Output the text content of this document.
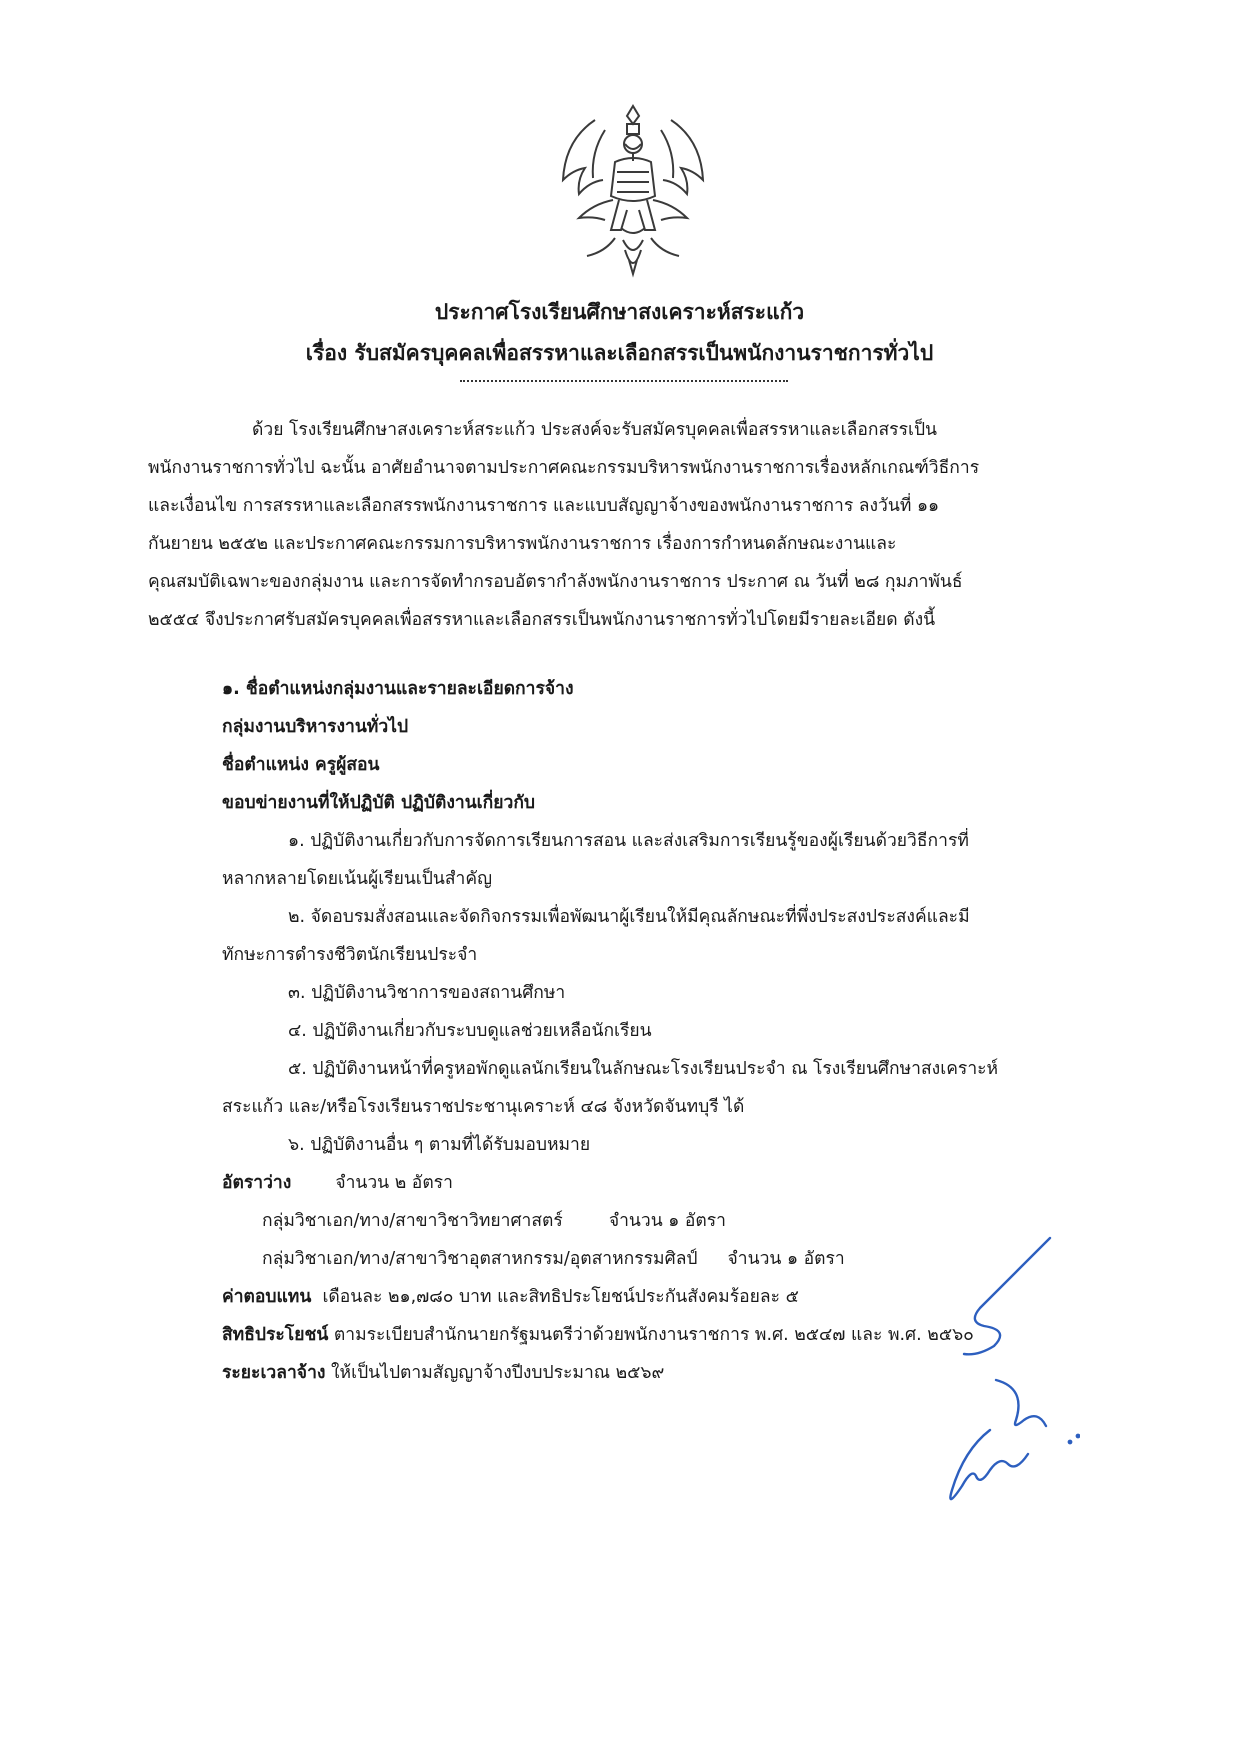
ประกาศโรงเรียนศึกษาสงเคราะห์สระแก้ว
เรื่อง รับสมัครบุคคลเพื่อสรรหาและเลือกสรรเป็นพนักงานราชการทั่วไป
ด้วย โรงเรียนศึกษาสงเคราะห์สระแก้ว ประสงค์จะรับสมัครบุคคลเพื่อสรรหาและเลือกสรรเป็น
พนักงานราชการทั่วไป ฉะนั้น อาศัยอำนาจตามประกาศคณะกรรมบริหารพนักงานราชการเรื่องหลักเกณฑ์วิธีการ
และเงื่อนไข การสรรหาและเลือกสรรพนักงานราชการ และแบบสัญญาจ้างของพนักงานราชการ ลงวันที่ ๑๑
กันยายน ๒๕๕๒ และประกาศคณะกรรมการบริหารพนักงานราชการ เรื่องการกำหนดลักษณะงานและ
คุณสมบัติเฉพาะของกลุ่มงาน และการจัดทำกรอบอัตรากำลังพนักงานราชการ ประกาศ ณ วันที่ ๒๘ กุมภาพันธ์
๒๕๕๔ จึงประกาศรับสมัครบุคคลเพื่อสรรหาและเลือกสรรเป็นพนักงานราชการทั่วไปโดยมีรายละเอียด ดังนี้
๑. ชื่อตำแหน่งกลุ่มงานและรายละเอียดการจ้าง
กลุ่มงานบริหารงานทั่วไป
ชื่อตำแหน่ง ครูผู้สอน
ขอบข่ายงานที่ให้ปฏิบัติ ปฏิบัติงานเกี่ยวกับ
๑. ปฏิบัติงานเกี่ยวกับการจัดการเรียนการสอน และส่งเสริมการเรียนรู้ของผู้เรียนด้วยวิธีการที่
หลากหลายโดยเน้นผู้เรียนเป็นสำคัญ
๒. จัดอบรมสั่งสอนและจัดกิจกรรมเพื่อพัฒนาผู้เรียนให้มีคุณลักษณะที่พึ่งประสงประสงค์และมี
ทักษะการดำรงชีวิตนักเรียนประจำ
๓. ปฏิบัติงานวิชาการของสถานศึกษา
๔. ปฏิบัติงานเกี่ยวกับระบบดูแลช่วยเหลือนักเรียน
๕. ปฏิบัติงานหน้าที่ครูหอพักดูแลนักเรียนในลักษณะโรงเรียนประจำ ณ โรงเรียนศึกษาสงเคราะห์
สระแก้ว และ/หรือโรงเรียนราชประชานุเคราะห์ ๔๘ จังหวัดจันทบุรี ได้
๖. ปฏิบัติงานอื่น ๆ ตามที่ได้รับมอบหมาย
อัตราว่าง	จำนวน ๒ อัตรา
กลุ่มวิชาเอก/ทาง/สาขาวิชาวิทยาศาสตร์	จำนวน ๑ อัตรา
กลุ่มวิชาเอก/ทาง/สาขาวิชาอุตสาหกรรม/อุตสาหกรรมศิลป์ จำนวน ๑ อัตรา
ค่าตอบแทน เดือนละ ๒๑,๗๘๐ บาท และสิทธิประโยชน์ประกันสังคมร้อยละ ๕
สิทธิประโยชน์ ตามระเบียบสำนักนายกรัฐมนตรีว่าด้วยพนักงานราชการ พ.ศ. ๒๕๔๗ และ พ.ศ. ๒๕๖๐
ระยะเวลาจ้าง ให้เป็นไปตามสัญญาจ้างปีงบประมาณ ๒๕๖๙
